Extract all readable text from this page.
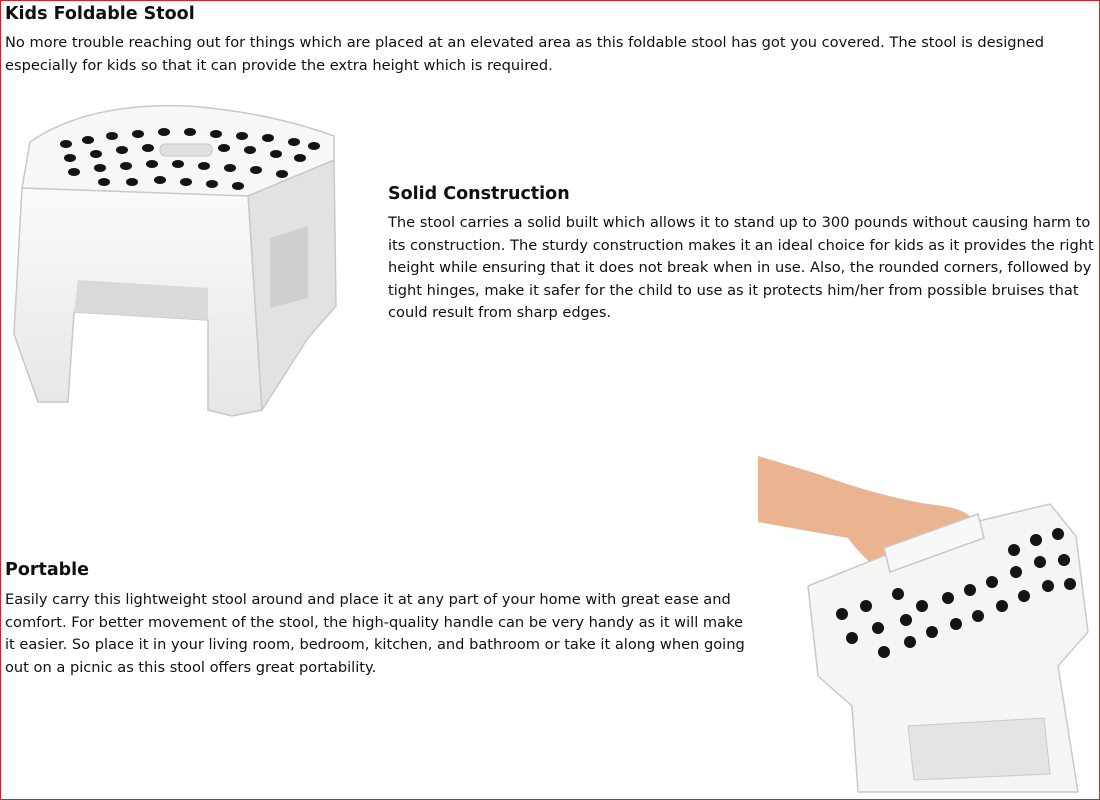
Kids Foldable Stool

No more trouble reaching out for things which are placed at an elevated area as this foldable stool has got you covered. The stool is designed especially for kids so that it can provide the extra height which is required.

Solid Construction

The stool carries a solid built which allows it to stand up to 300 pounds without causing harm to its construction. The sturdy construction makes it an ideal choice for kids as it provides the right height while ensuring that it does not break when in use. Also, the rounded corners, followed by tight hinges, make it safer for the child to use as it protects him/her from possible bruises that could result from sharp edges.

Portable

Easily carry this lightweight stool around and place it at any part of your home with great ease and comfort. For better movement of the stool, the high-quality handle can be very handy as it will make it easier. So place it in your living room, bedroom, kitchen, and bathroom or take it along when going out on a picnic as this stool offers great portability.
